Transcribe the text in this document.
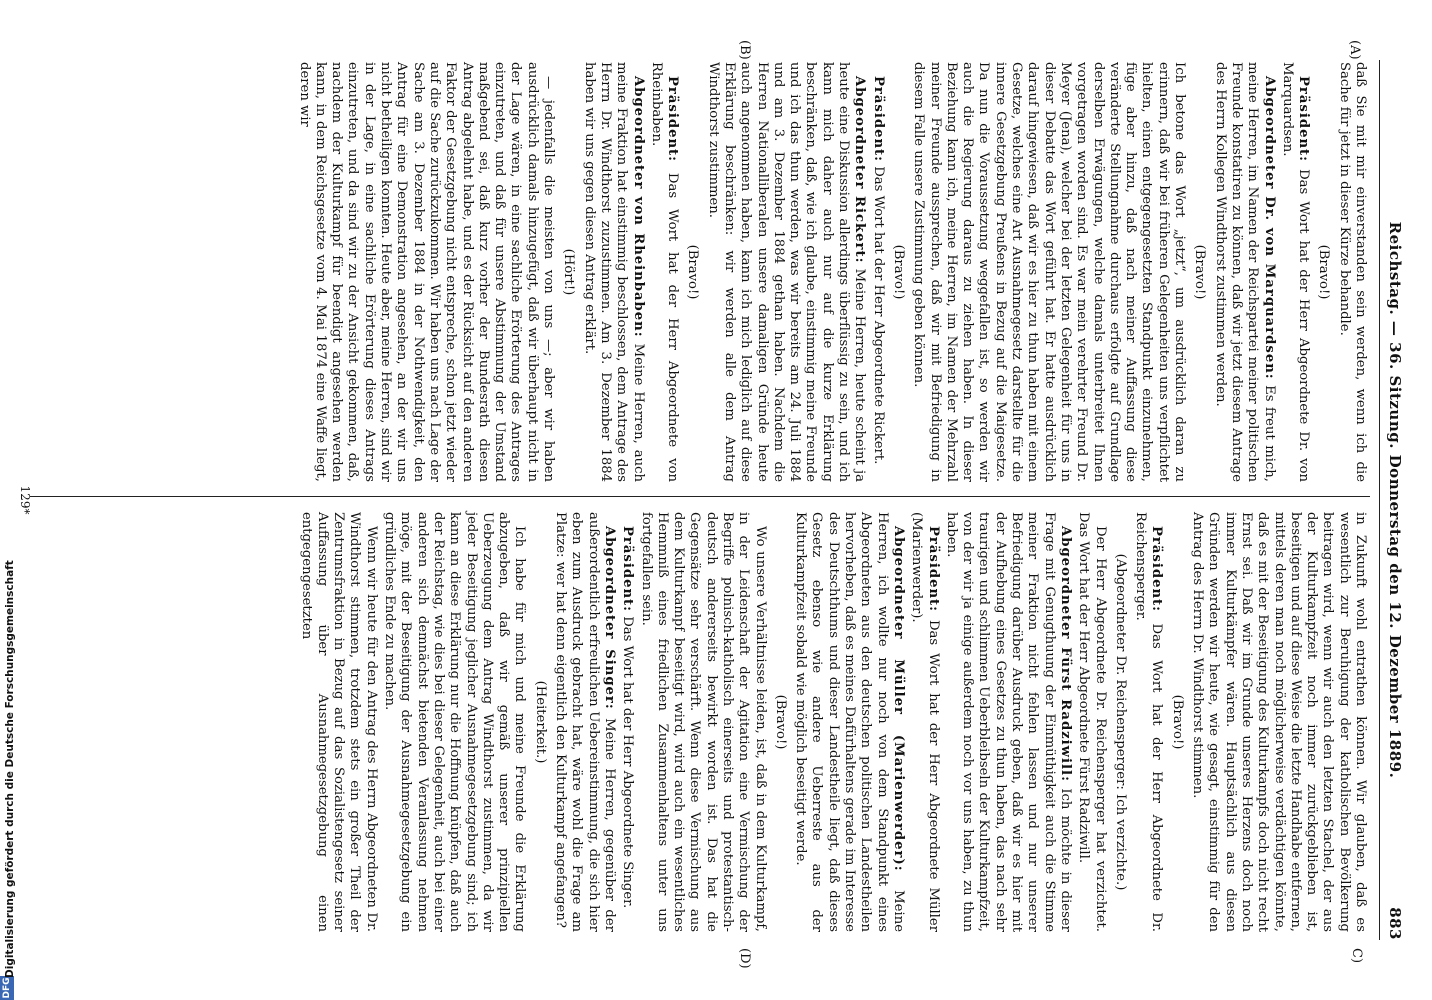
Reichstag. — 36. Sitzung. Donnerstag den 12. Dezember 1889.
883
(A)
(B)
C)
(D)

daß Sie mit mir einverstanden sein werden, wenn ich die Sache für jetzt in dieser Kürze behandle.

(Bravo!)

Präsident: Das Wort hat der Herr Abgeordnete Dr. von Marquardsen.

Abgeordneter Dr. von Marquardsen: Es freut mich, meine Herren, im Namen der Reichspartei meiner politischen Freunde konstatiren zu können, daß wir jetzt diesem Antrage des Herrn Kollegen Windthorst zustimmen werden.

(Bravo!)

Ich betone das Wort „jetzt“, um ausdrücklich daran zu erinnern, daß wir bei früheren Gelegenheiten uns verpflichtet hielten, einen entgegengesetzten Standpunkt einzunehmen, füge aber hinzu, daß nach meiner Auffassung diese veränderte Stellungnahme durchaus erfolgte auf Grundlage derselben Erwägungen, welche damals unterbreitet Ihnen vorgetragen worden sind. Es war mein verehrter Freund Dr. Meyer (Jena), welcher bei der letzten Gelegenheit für uns in dieser Debatte das Wort geführt hat. Er hatte ausdrücklich darauf hingewiesen, daß wir es hier zu thun haben mit einem Gesetze, welches eine Art Ausnahmegesetz darstellte für die innere Gesetzgebung Preußens in Bezug auf die Maigesetze. Da nun die Voraussetzung weggefallen ist, so werden wir auch die Regierung daraus zu ziehen haben. In dieser Beziehung kann ich, meine Herren, im Namen der Mehrzahl meiner Freunde aussprechen, daß wir mit Befriedigung in diesem Falle unsere Zustimmung geben können.

(Bravo!)

Präsident: Das Wort hat der Herr Abgeordnete Rickert.

Abgeordneter Rickert: Meine Herren, heute scheint ja heute eine Diskussion allerdings überflüssig zu sein, und ich kann mich daher auch nur auf die kurze Erklärung beschränken, daß, wie ich glaube, einstimmig meine Freunde und ich das thun werden, was wir bereits am 24. Juli 1884 und am 3. Dezember 1884 gethan haben. Nachdem die Herren Nationalliberalen unsere damaligen Gründe heute auch angenommen haben, kann ich mich lediglich auf diese Erklärung beschränken: wir werden alle dem Antrag Windthorst zustimmen.

(Bravo!)

Präsident: Das Wort hat der Herr Abgeordnete von Rheinbaben.

Abgeordneter von Rheinbaben: Meine Herren, auch meine Fraktion hat einstimmig beschlossen, dem Antrage des Herrn Dr. Windthorst zuzustimmen. Am 3. Dezember 1884 haben wir uns gegen diesen Antrag erklärt.

(Hört!)

— jedenfalls die meisten von uns —; aber wir haben ausdrücklich damals hinzugefügt, daß wir überhaupt nicht in der Lage wären, in eine sachliche Erörterung des Antrages einzutreten, und daß für unsere Abstimmung der Umstand maßgebend sei, daß kurz vorher der Bundesrath diesen Antrag abgelehnt habe, und es der Rücksicht auf den anderen Faktor der Gesetzgebung nicht entspreche, schon jetzt wieder auf die Sache zurückzukommen. Wir haben uns nach Lage der Sache am 3. Dezember 1884 in der Nothwendigkeit, den Antrag für eine Demonstration angesehen, an der wir uns nicht betheiligen konnten. Heute aber, meine Herren, sind wir in der Lage, in eine sachliche Erörterung dieses Antrags einzutreten, und da sind wir zu der Ansicht gekommen, daß, nachdem der Kulturkampf für beendigt angesehen werden kann, in dem Reichsgesetze vom 4. Mai 1874 eine Waffe liegt, deren wir

in Zukunft wohl entrathen können. Wir glauben, daß es wesentlich zur Beruhigung der katholischen Bevölkerung beitragen wird, wenn wir auch den letzten Stachel, der aus der Kulturkampfzeit noch immer zurückgeblieben ist, beseitigen und auf diese Weise die letzte Handhabe entfernen, mittels deren man noch möglicherweise verdächtigen könnte, daß es mit der Beseitigung des Kulturkampfs doch nicht recht Ernst sei. Daß wir im Grunde unseres Herzens doch noch immer Kulturkämpfer wären. Hauptsächlich aus diesen Gründen werden wir heute, wie gesagt, einstimmig für den Antrag des Herrn Dr. Windthorst stimmen.

(Bravo!)

Präsident: Das Wort hat der Herr Abgeordnete Dr. Reichensperger.

(Abgeordneter Dr. Reichensperger: Ich verzichte.)

Der Herr Abgeordnete Dr. Reichensperger hat verzichtet. Das Wort hat der Herr Abgeordnete Fürst Radziwill.

Abgeordneter Fürst Radziwill: Ich möchte in dieser Frage mit Genugthuung der Einmüthigkeit auch die Stimme meiner Fraktion nicht fehlen lassen und nur unserer Befriedigung darüber Ausdruck geben, daß wir es hier mit der Aufhebung eines Gesetzes zu thun haben, das nach sehr traurigen und schlimmen Ueberbleibseln der Kulturkampfzeit, von der wir ja einige außerdem noch vor uns haben, zu thun haben.

Präsident: Das Wort hat der Herr Abgeordnete Müller (Marienwerder).

Abgeordneter Müller (Marienwerder): Meine Herren, ich wollte nur noch von dem Standpunkt eines Abgeordneten aus den deutschen politischen Landestheilen hervorheben, daß es meines Dafürhaltens gerade im Interesse des Deutschthums und dieser Landestheile liegt, daß dieses Gesetz ebenso wie andere Ueberreste aus der Kulturkampfzeit sobald wie möglich beseitigt werde.

(Bravo!)

Wo unsere Verhältnisse leiden, ist, daß in dem Kulturkampf, in der Leidenschaft der Agitation eine Vermischung der Begriffe polnisch-katholisch einerseits und protestantisch-deutsch andererseits bewirkt worden ist. Das hat die Gegensätze sehr verschärft. Wenn diese Vermischung aus dem Kulturkampf beseitigt wird, wird auch ein wesentliches Hemmniß eines friedlichen Zusammenhaltens unter uns fortgefallen sein.

Präsident: Das Wort hat der Herr Abgeordnete Singer.

Abgeordneter Singer: Meine Herren, gegenüber der außerordentlich erfreulichen Uebereinstimmung, die sich hier eben zum Ausdruck gebracht hat, wäre wohl die Frage am Platze: wer hat denn eigentlich den Kulturkampf angefangen?

(Heiterkeit.)

Ich habe für mich und meine Freunde die Erklärung abzugeben, daß wir gemäß unserer prinzipiellen Ueberzeugung dem Antrag Windthorst zustimmen, da wir jeder Beseitigung jeglicher Ausnahmegesetzgebung sind; ich kann an diese Erklärung nur die Hoffnung knüpfen, daß auch der Reichstag, wie dies bei dieser Gelegenheit, auch bei einer anderen sich demnächst bietenden Veranlassung nehmen möge, mit der Beseitigung der Ausnahmegesetzgebung ein gründliches Ende zu machen.

Wenn wir heute für den Antrag des Herrn Abgeordneten Dr. Windthorst stimmen, trotzdem stets ein großer Theil der Zentrumsfraktion in Bezug auf das Sozialistengesetz seiner Auffassung über Ausnahmegesetzgebung einen entgegengesetzten

129*
DFG
Digitalisierung gefördert durch die Deutsche Forschungsgemeinschaft
